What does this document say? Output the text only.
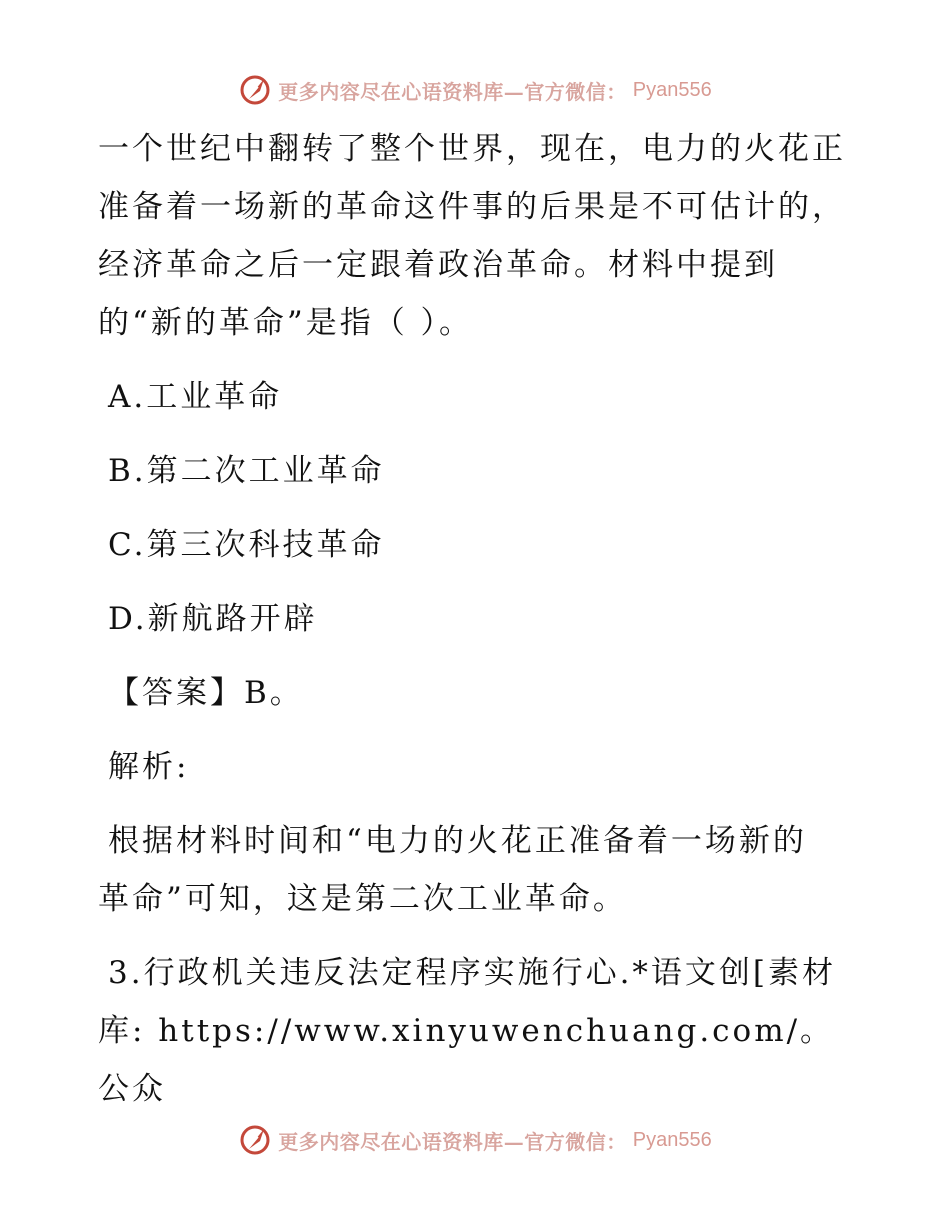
更多内容尽在心语资料库—官方微信： Pyan556

一个世纪中翻转了整个世界，现在，电力的火花正

准备着一场新的革命这件事的后果是不可估计的，

经济革命之后一定跟着政治革命。材料中提到

的“新的革命”是指（ ）。

A.工业革命

B.第二次工业革命

C.第三次科技革命

D.新航路开辟

【答案】B。

解析:

根据材料时间和“电力的火花正准备着一场新的

革命”可知，这是第二次工业革命。

3.行政机关违反法定程序实施行心.*语文创[素材

库: https://www.xinyuwenchuang.com/。公众

更多内容尽在心语资料库—官方微信： Pyan556
